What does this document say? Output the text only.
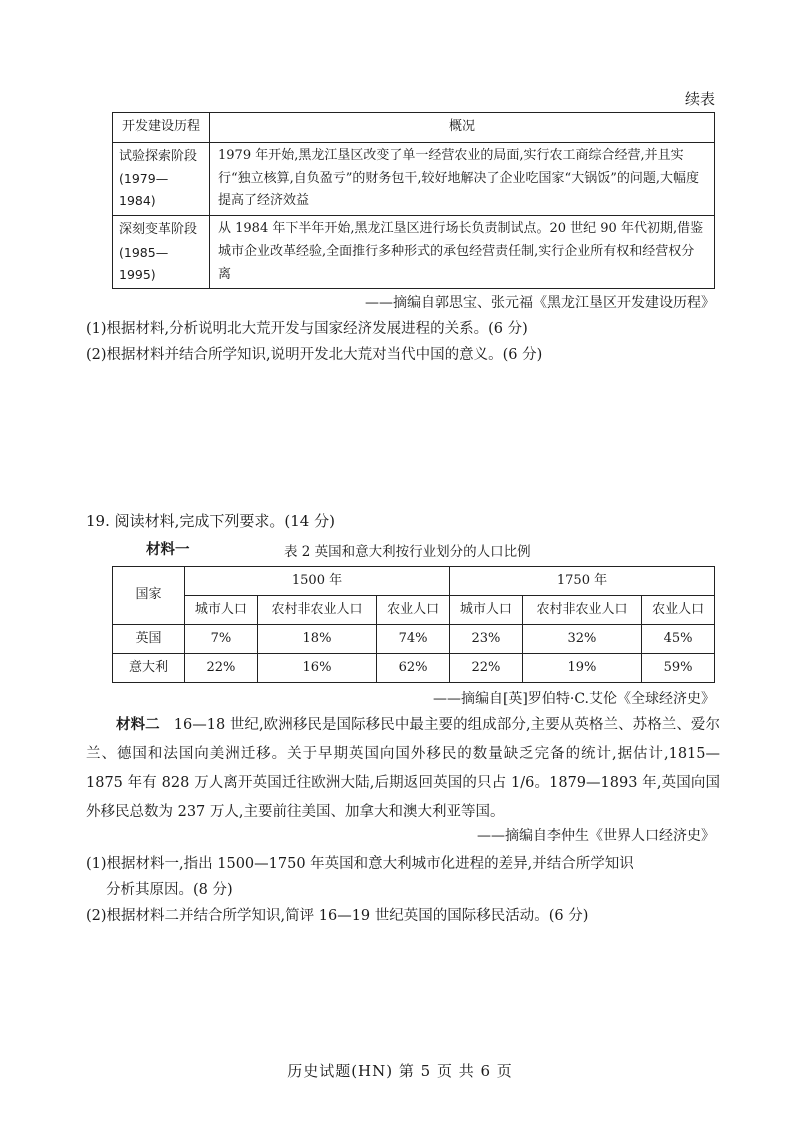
续表
开发建设历程	概况

试验探索阶段
(1979—1984)	1979 年开始,黑龙江垦区改变了单一经营农业的局面,实行农工商综合经营,并且实行“独立核算,自负盈亏”的财务包干,较好地解决了企业吃国家“大锅饭”的问题,大幅度提高了经济效益

深刻变革阶段
(1985—1995)	从 1984 年下半年开始,黑龙江垦区进行场长负责制试点。20 世纪 90 年代初期,借鉴城市企业改革经验,全面推行多种形式的承包经营责任制,实行企业所有权和经营权分离
——摘编自郭思宝、张元福《黑龙江垦区开发建设历程》
(1)根据材料,分析说明北大荒开发与国家经济发展进程的关系。(6 分)
(2)根据材料并结合所学知识,说明开发北大荒对当代中国的意义。(6 分)
19. 阅读材料,完成下列要求。(14 分)
材料一	表 2 英国和意大利按行业划分的人口比例
国家	1500 年			1750 年		
	城市人口	农村非农业人口	农业人口	城市人口	农村非农业人口	农业人口
英国	7%	18%	74%	23%	32%	45%
意大利	22%	16%	62%	22%	19%	59%
——摘编自[英]罗伯特·C.艾伦《全球经济史》
材料二 16—18 世纪,欧洲移民是国际移民中最主要的组成部分,主要从英格兰、苏格兰、爱尔兰、德国和法国向美洲迁移。关于早期英国向国外移民的数量缺乏完备的统计,据估计,1815—1875 年有 828 万人离开英国迁往欧洲大陆,后期返回英国的只占 1/6。1879—1893 年,英国向国外移民总数为 237 万人,主要前往美国、加拿大和澳大利亚等国。
——摘编自李仲生《世界人口经济史》
(1)根据材料一,指出 1500—1750 年英国和意大利城市化进程的差异,并结合所学知识
分析其原因。(8 分)
(2)根据材料二并结合所学知识,简评 16—19 世纪英国的国际移民活动。(6 分)
历史试题(HN) 第 5 页 共 6 页
